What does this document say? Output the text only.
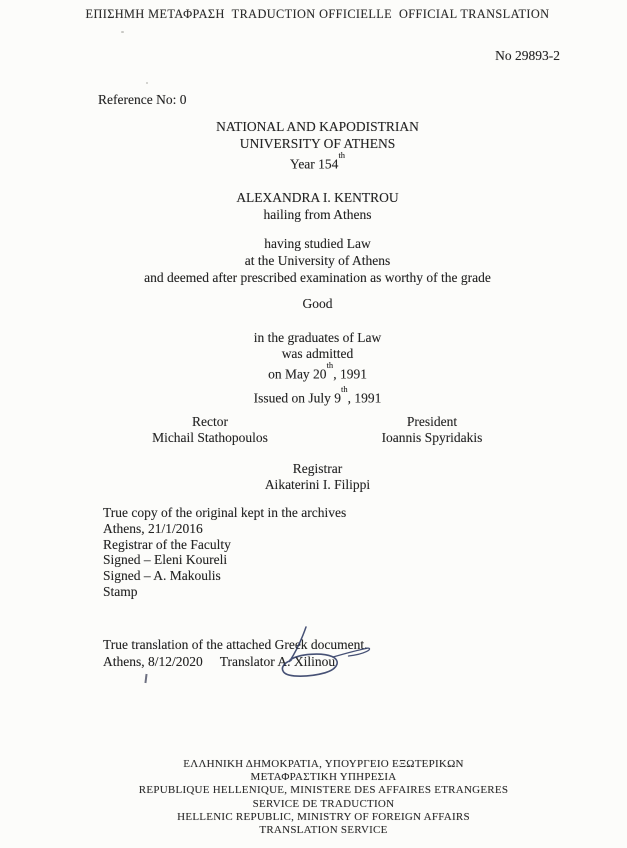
ΕΠΙΣΗΜΗ ΜΕΤΑΦΡΑΣΗ  TRADUCTION OFFICIELLE  OFFICIAL TRANSLATION
No 29893-2
Reference No: 0
NATIONAL AND KAPODISTRIAN
UNIVERSITY OF ATHENS
Year 154th
ALEXANDRA I. KENTROU
hailing from Athens
having studied Law
at the University of Athens
and deemed after prescribed examination as worthy of the grade
Good
in the graduates of Law
was admitted
on May 20th, 1991
Issued on July 9th, 1991
Rector
Michail Stathopoulos
President
Ioannis Spyridakis
Registrar
Aikaterini I. Filippi
True copy of the original kept in the archives
Athens, 21/1/2016
Registrar of the Faculty
Signed – Eleni Koureli
Signed – A. Makoulis
Stamp
True translation of the attached Greek document.
Athens, 8/12/2020 Translator A. Xilinou
ΕΛΛΗΝΙΚΗ ΔΗΜΟΚΡΑΤΙΑ, ΥΠΟΥΡΓΕΙΟ ΕΞΩΤΕΡΙΚΩΝ
ΜΕΤΑΦΡΑΣΤΙΚΗ ΥΠΗΡΕΣΙΑ
REPUBLIQUE HELLENIQUE, MINISTERE DES AFFAIRES ETRANGERES
SERVICE DE TRADUCTION
HELLENIC REPUBLIC, MINISTRY OF FOREIGN AFFAIRS
TRANSLATION SERVICE
